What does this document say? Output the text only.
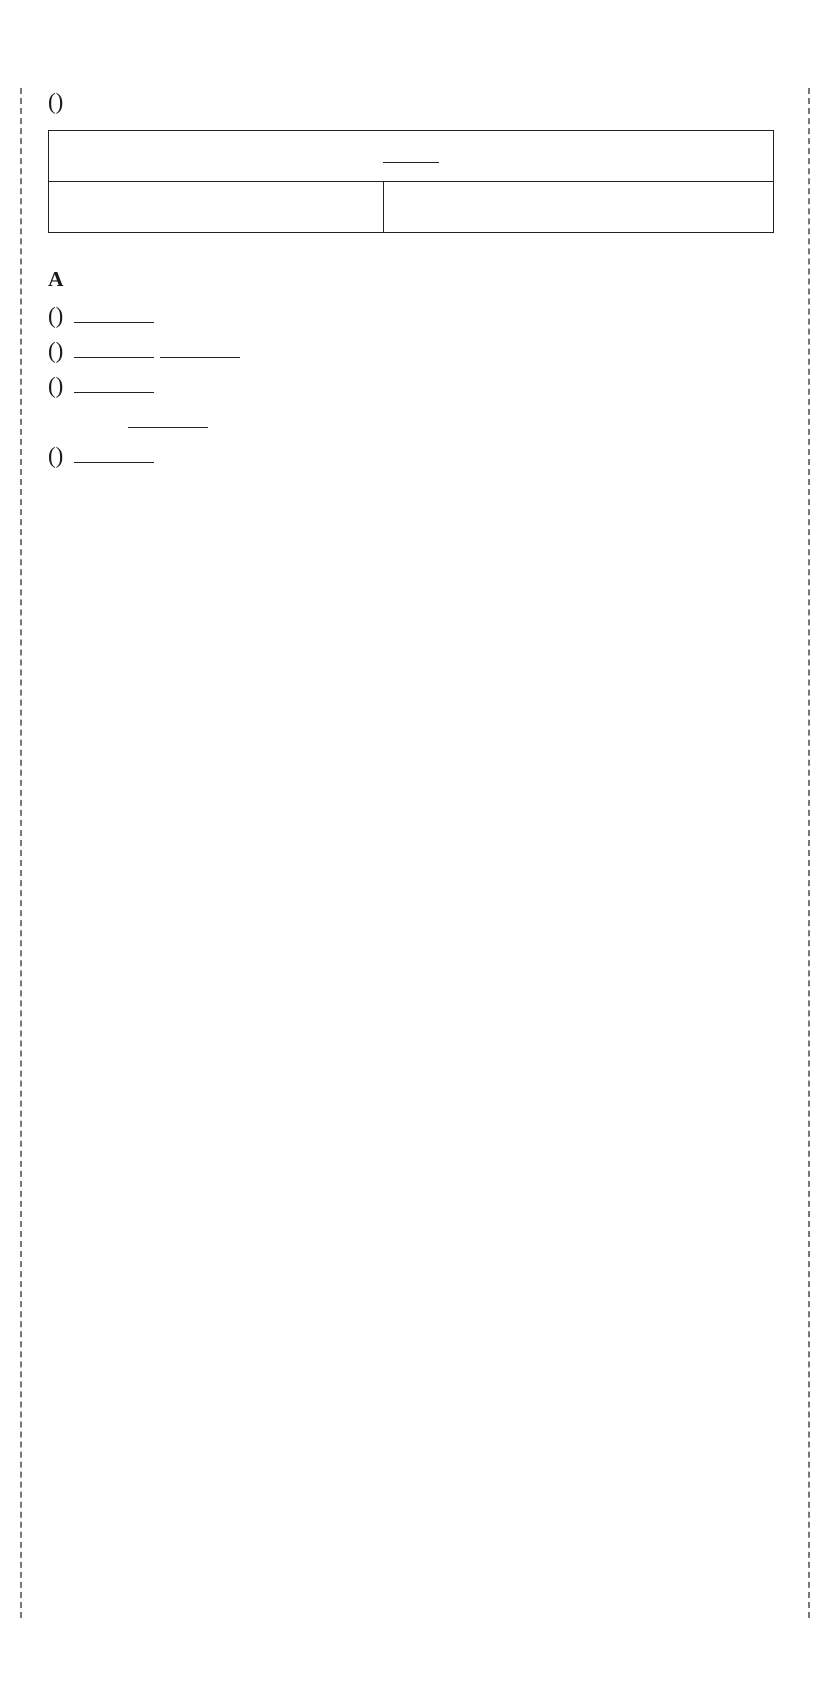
()

A
()
()

()
()
